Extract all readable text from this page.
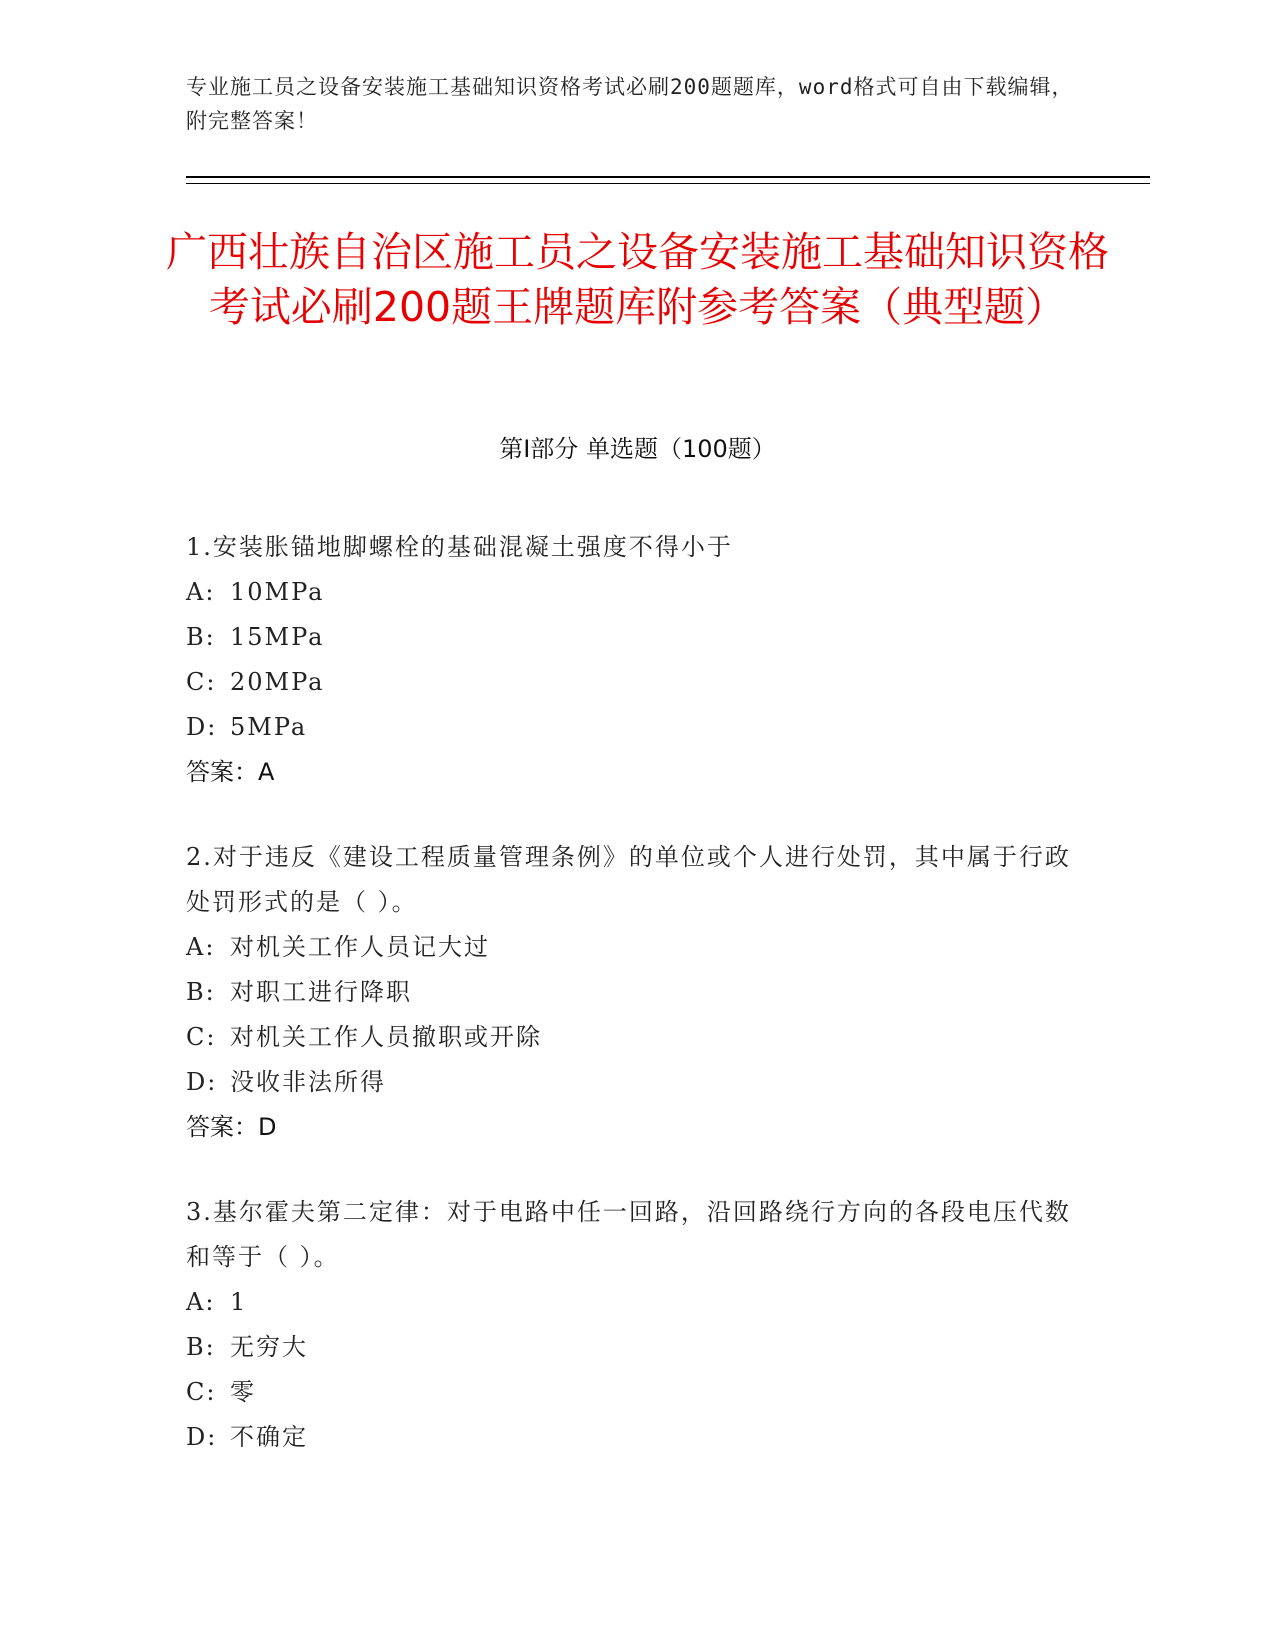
专业施工员之设备安装施工基础知识资格考试必刷200题题库，word格式可自由下载编辑，附完整答案！
广西壮族自治区施工员之设备安装施工基础知识资格考试必刷200题王牌题库附参考答案（典型题）
第Ⅰ部分 单选题（100题）
1.安装胀锚地脚螺栓的基础混凝土强度不得小于
A: 10MPa
B: 15MPa
C: 20MPa
D: 5MPa
答案：A
2.对于违反《建设工程质量管理条例》的单位或个人进行处罚，其中属于行政处罚形式的是（ ）。
A: 对机关工作人员记大过
B: 对职工进行降职
C: 对机关工作人员撤职或开除
D: 没收非法所得
答案：D
3.基尔霍夫第二定律：对于电路中任一回路，沿回路绕行方向的各段电压代数和等于（ ）。
A: 1
B: 无穷大
C: 零
D: 不确定
